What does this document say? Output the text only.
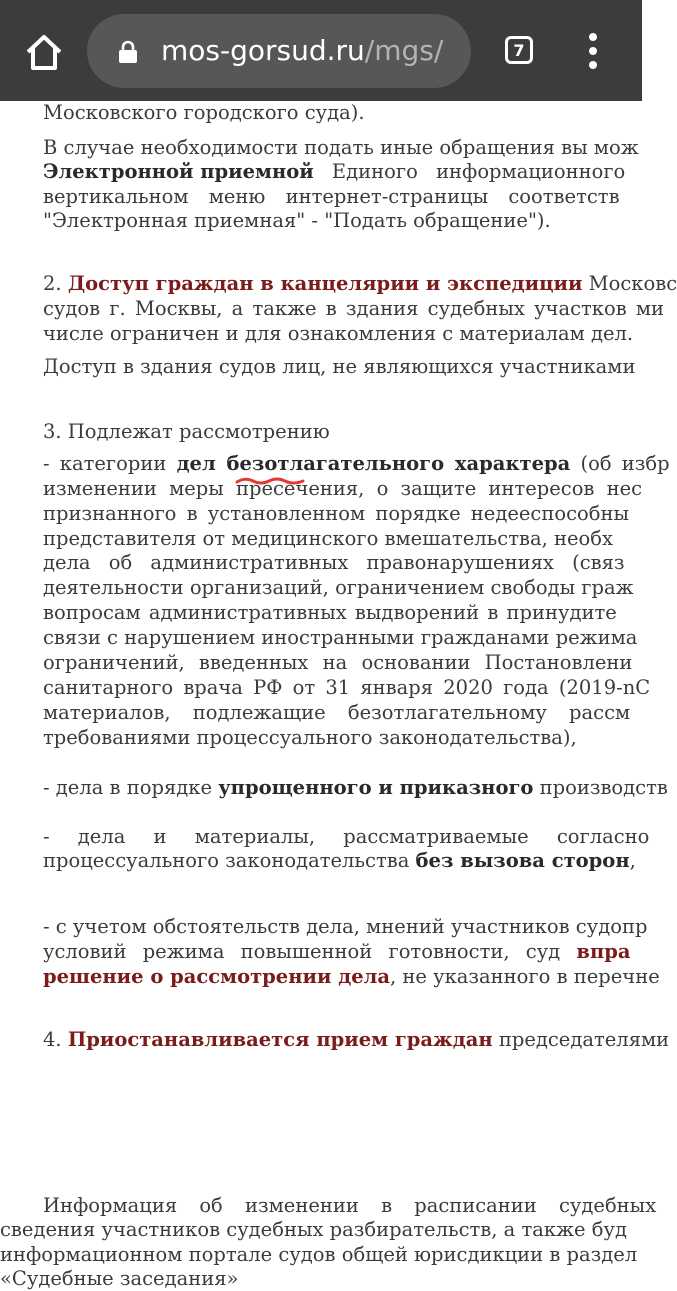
Московского городского суда).
В случае необходимости подать иные обращения вы мож
Электронной приемной Единого информационного
вертикальном меню интернет-страницы соответств
"Электронная приемная" - "Подать обращение").
2. Доступ граждан в канцелярии и экспедиции Московс
судов г. Москвы, а также в здания судебных участков ми
числе ограничен и для ознакомления с материалам дел.
Доступ в здания судов лиц, не являющихся участниками
3. Подлежат рассмотрению
- категории дел безотлагательного характера (об избр
изменении меры пресечения, о защите интересов нес
признанного в установленном порядке недееспособны
представителя от медицинского вмешательства, необх
дела об административных правонарушениях (связ
деятельности организаций, ограничением свободы граж
вопросам административных выдворений в принудите
связи с нарушением иностранными гражданами режима
ограничений, введенных на основании Постановлени
санитарного врача РФ от 31 января 2020 года (2019-nC
материалов, подлежащие безотлагательному рассм
требованиями процессуального законодательства),
- дела в порядке упрощенного и приказного производств
- дела и материалы, рассматриваемые согласно
процессуального законодательства без вызова сторон,
- с учетом обстоятельств дела, мнений участников судопр
условий режима повышенной готовности, суд впра
решение о рассмотрении дела, не указанного в перечне
4. Приостанавливается прием граждан председателями
Информация об изменении в расписании судебных
сведения участников судебных разбирательств, а также буд
информационном портале судов общей юрисдикции в раздел
«Судебные заседания»
mos-gorsud.ru/mgs/	7
